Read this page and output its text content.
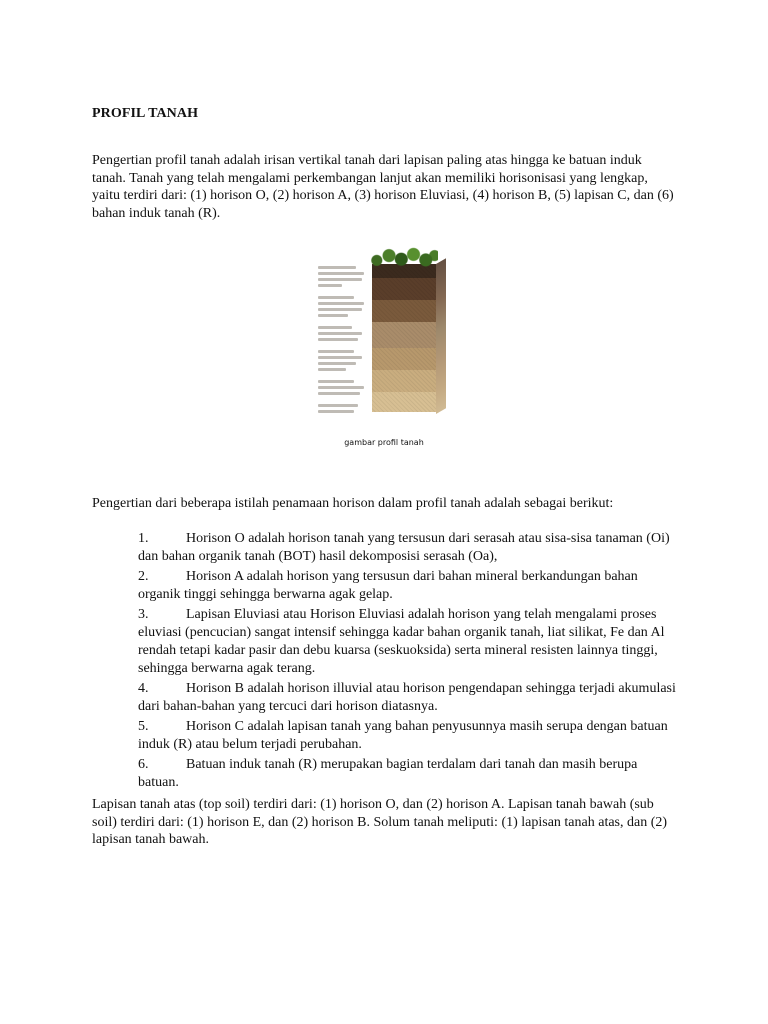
PROFIL TANAH

Pengertian profil tanah adalah irisan vertikal tanah dari lapisan paling atas hingga ke batuan induk tanah. Tanah yang telah mengalami perkembangan lanjut akan memiliki horisonisasi yang lengkap, yaitu terdiri dari: (1) horison O, (2) horison A, (3) horison Eluviasi, (4) horison B, (5) lapisan C, dan (6) bahan induk tanah (R).

gambar profil tanah

Pengertian dari beberapa istilah penamaan horison dalam profil tanah adalah sebagai berikut:

1.	Horison O adalah horison tanah yang tersusun dari serasah atau sisa-sisa tanaman (Oi) dan bahan organik tanah (BOT) hasil dekomposisi serasah (Oa),
2.	Horison A adalah horison yang tersusun dari bahan mineral berkandungan bahan organik tinggi sehingga berwarna agak gelap.
3.	Lapisan Eluviasi atau Horison Eluviasi adalah horison yang telah mengalami proses eluviasi (pencucian) sangat intensif sehingga kadar bahan organik tanah, liat silikat, Fe dan Al rendah tetapi kadar pasir dan debu kuarsa (seskuoksida) serta mineral resisten lainnya tinggi, sehingga berwarna agak terang.
4.	Horison B adalah horison illuvial atau horison pengendapan sehingga terjadi akumulasi dari bahan-bahan yang tercuci dari horison diatasnya.
5.	Horison C adalah lapisan tanah yang bahan penyusunnya masih serupa dengan batuan induk (R) atau belum terjadi perubahan.
6.	Batuan induk tanah (R) merupakan bagian terdalam dari tanah dan masih berupa batuan.

Lapisan tanah atas (top soil) terdiri dari: (1) horison O, dan (2) horison A. Lapisan tanah bawah (sub soil) terdiri dari: (1) horison E, dan (2) horison B. Solum tanah meliputi: (1) lapisan tanah atas, dan (2) lapisan tanah bawah.
